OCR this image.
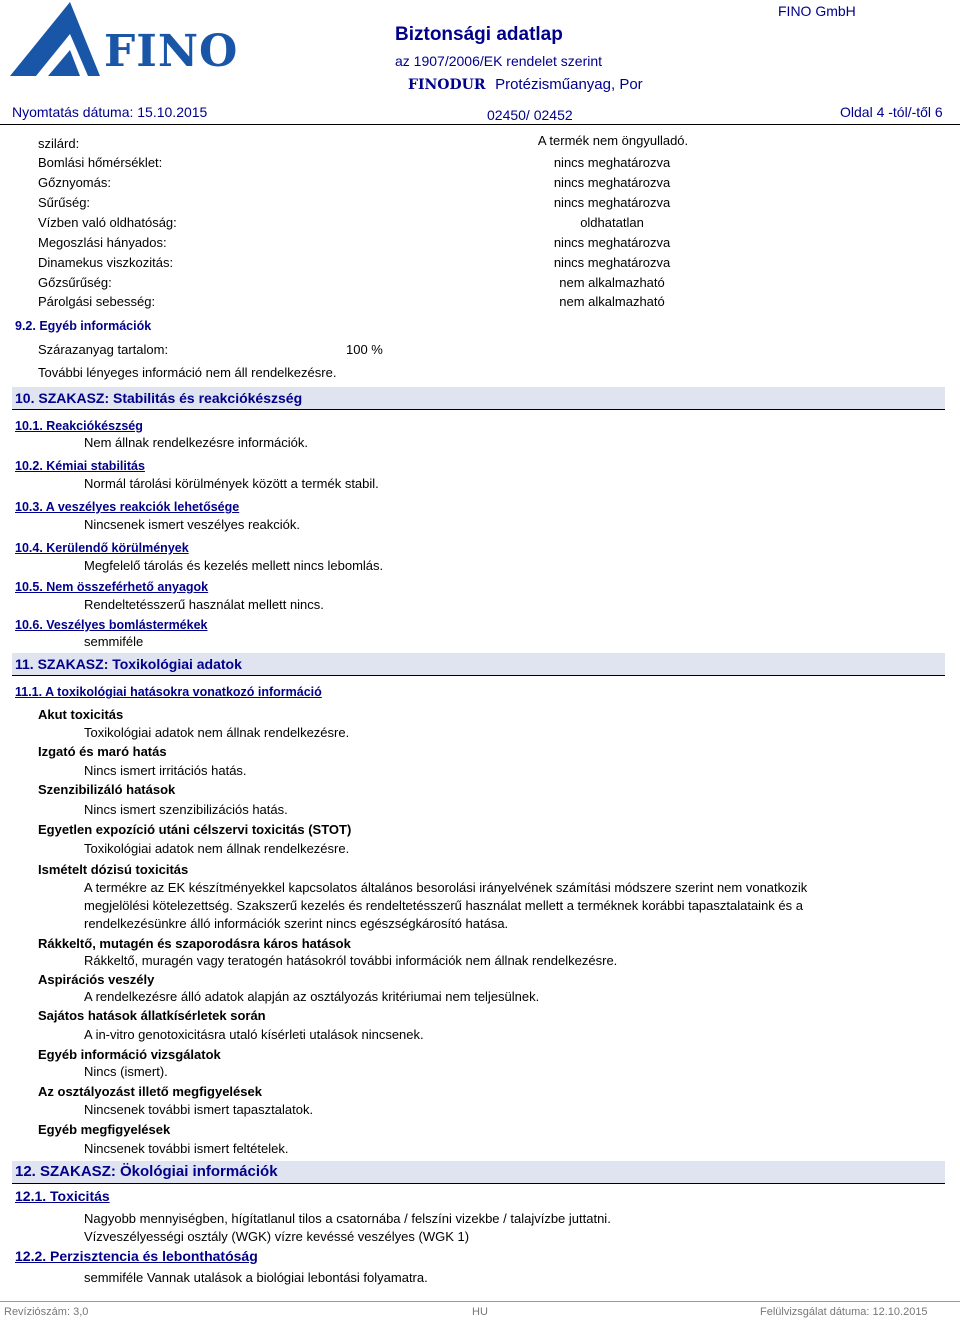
FINO	Biztonsági adatlap
az 1907/2006/EK rendelet szerint
FINODUR Protézisműanyag, Por
FINO GmbH
Nyomtatás dátuma: 15.10.2015	02450/ 02452	Oldal 4 -tól/-től 6
szilárd:	A termék nem öngyulladó.
Bomlási hőmérséklet:	nincs meghatározva
Gőznyomás:	nincs meghatározva
Sűrűség:	nincs meghatározva
Vízben való oldhatóság:	oldhatatlan
Megoszlási hányados:	nincs meghatározva
Dinamekus viszkozitás:	nincs meghatározva
Gőzsűrűség:	nem alkalmazható
Párolgási sebesség:	nem alkalmazható
9.2. Egyéb információk
Szárazanyag tartalom:	100 %
További lényeges információ nem áll rendelkezésre.
10. SZAKASZ: Stabilitás és reakciókészség
10.1. Reakciókészség
Nem állnak rendelkezésre információk.
10.2. Kémiai stabilitás
Normál tárolási körülmények között a termék stabil.
10.3. A veszélyes reakciók lehetősége
Nincsenek ismert veszélyes reakciók.
10.4. Kerülendő körülmények
Megfelelő tárolás és kezelés mellett nincs lebomlás.
10.5. Nem összeférhető anyagok
Rendeltetésszerű használat mellett nincs.
10.6. Veszélyes bomlástermékek
semmiféle
11. SZAKASZ: Toxikológiai adatok
11.1. A toxikológiai hatásokra vonatkozó információ
Akut toxicitás
Toxikológiai adatok nem állnak rendelkezésre.
Izgató és maró hatás
Nincs ismert irritációs hatás.
Szenzibilizáló hatások
Nincs ismert szenzibilizációs hatás.
Egyetlen expozíció utáni célszervi toxicitás (STOT)
Toxikológiai adatok nem állnak rendelkezésre.
Ismételt dózisú toxicitás
A termékre az EK készítményekkel kapcsolatos általános besorolási irányelvének számítási módszere szerint nem vonatkozik megjelölési kötelezettség. Szakszerű kezelés és rendeltetésszerű használat mellett a terméknek korábbi tapasztalataink és a rendelkezésünkre álló információk szerint nincs egészségkárosító hatása.
Rákkeltő, mutagén és szaporodásra káros hatások
Rákkeltő, muragén vagy teratogén hatásokról további információk nem állnak rendelkezésre.
Aspirációs veszély
A rendelkezésre álló adatok alapján az osztályozás kritériumai nem teljesülnek.
Sajátos hatások állatkísérletek során
A in-vitro genotoxicitásra utaló kísérleti utalások nincsenek.
Egyéb információ vizsgálatok
Nincs (ismert).
Az osztályozást illető megfigyelések
Nincsenek további ismert tapasztalatok.
Egyéb megfigyelések
Nincsenek további ismert feltételek.
12. SZAKASZ: Ökológiai információk
12.1. Toxicitás
Nagyobb mennyiségben, hígítatlanul tilos a csatornába / felszíni vizekbe / talajvízbe juttatni.
Vízveszélyességi osztály (WGK) vízre kevéssé veszélyes (WGK 1)
12.2. Perzisztencia és lebonthatóság
semmiféle Vannak utalások a biológiai lebontási folyamatra.
Revíziószám: 3,0	HU	Felülvizsgálat dátuma: 12.10.2015
